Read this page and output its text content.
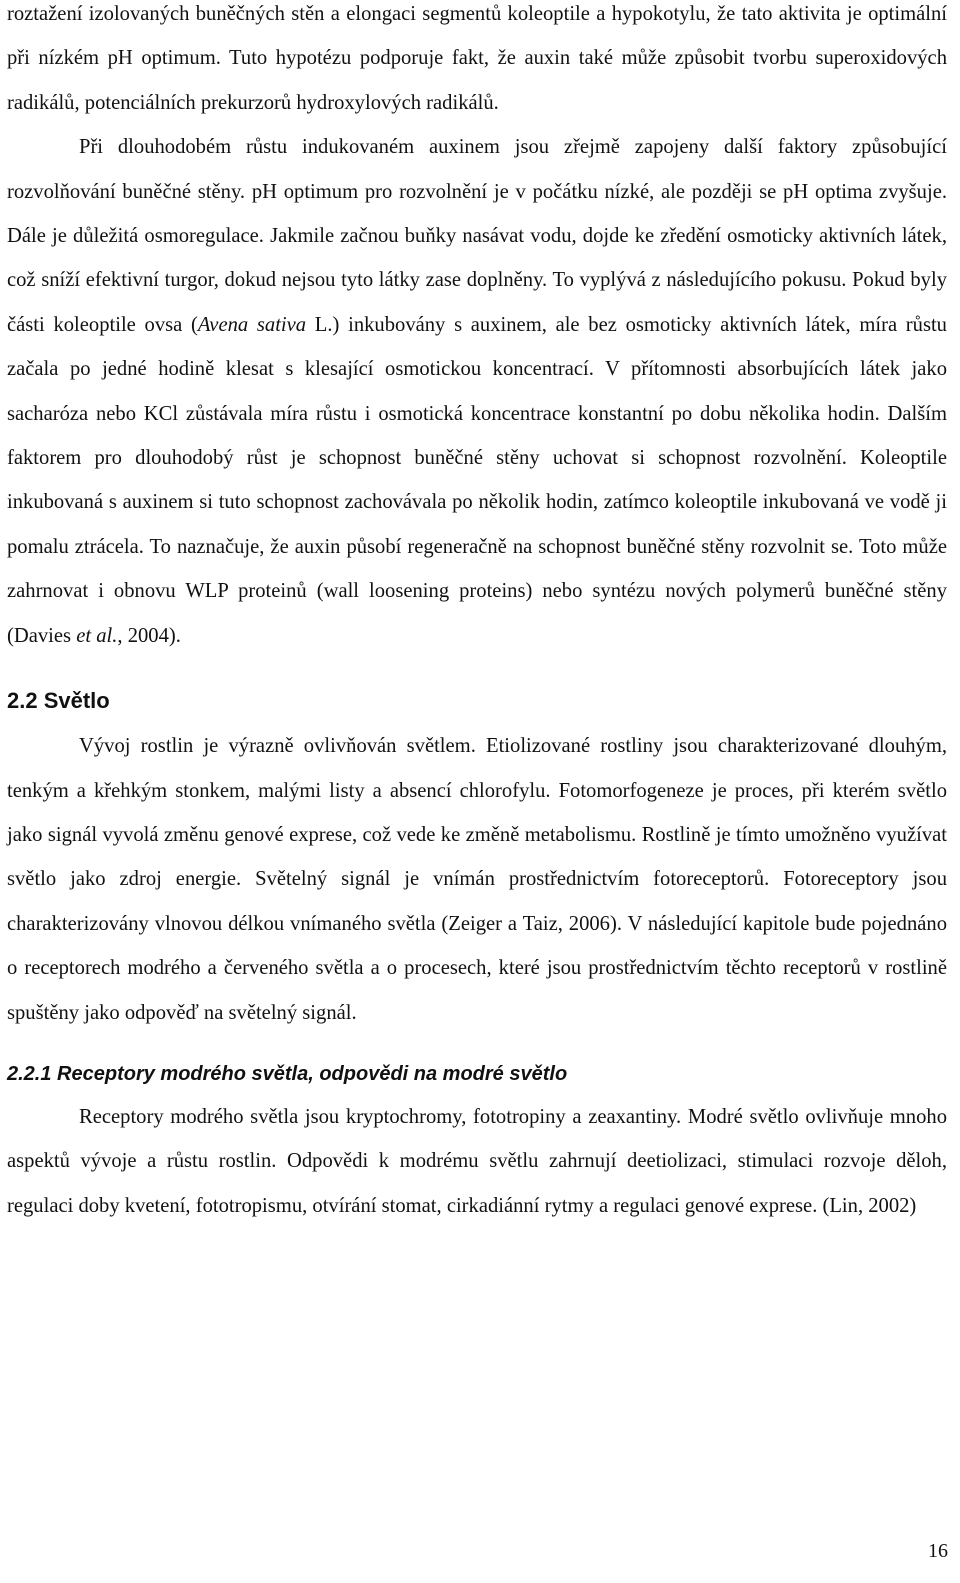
roztažení izolovaných buněčných stěn a elongaci segmentů koleoptile a hypokotylu, že tato aktivita je optimální při nízkém pH optimum. Tuto hypotézu podporuje fakt, že auxin také může způsobit tvorbu superoxidových radikálů, potenciálních prekurzorů hydroxylových radikálů.

Při dlouhodobém růstu indukovaném auxinem jsou zřejmě zapojeny další faktory způsobující rozvolňování buněčné stěny. pH optimum pro rozvolnění je v počátku nízké, ale později se pH optima zvyšuje. Dále je důležitá osmoregulace. Jakmile začnou buňky nasávat vodu, dojde ke zředění osmoticky aktivních látek, což sníží efektivní turgor, dokud nejsou tyto látky zase doplněny. To vyplývá z následujícího pokusu. Pokud byly části koleoptile ovsa (Avena sativa L.) inkubovány s auxinem, ale bez osmoticky aktivních látek, míra růstu začala po jedné hodině klesat s klesající osmotickou koncentrací. V přítomnosti absorbujících látek jako sacharóza nebo KCl zůstávala míra růstu i osmotická koncentrace konstantní po dobu několika hodin. Dalším faktorem pro dlouhodobý růst je schopnost buněčné stěny uchovat si schopnost rozvolnění. Koleoptile inkubovaná s auxinem si tuto schopnost zachovávala po několik hodin, zatímco koleoptile inkubovaná ve vodě ji pomalu ztrácela. To naznačuje, že auxin působí regeneračně na schopnost buněčné stěny rozvolnit se. Toto může zahrnovat i obnovu WLP proteinů (wall loosening proteins) nebo syntézu nových polymerů buněčné stěny (Davies et al., 2004).

2.2 Světlo

Vývoj rostlin je výrazně ovlivňován světlem. Etiolizované rostliny jsou charakterizované dlouhým, tenkým a křehkým stonkem, malými listy a absencí chlorofylu. Fotomorfogeneze je proces, při kterém světlo jako signál vyvolá změnu genové exprese, což vede ke změně metabolismu. Rostlině je tímto umožněno využívat světlo jako zdroj energie. Světelný signál je vnímán prostřednictvím fotoreceptorů. Fotoreceptory jsou charakterizovány vlnovou délkou vnímaného světla (Zeiger a Taiz, 2006). V následující kapitole bude pojednáno o receptorech modrého a červeného světla a o procesech, které jsou prostřednictvím těchto receptorů v rostlině spuštěny jako odpověď na světelný signál.

2.2.1 Receptory modrého světla, odpovědi na modré světlo

Receptory modrého světla jsou kryptochromy, fototropiny a zeaxantiny. Modré světlo ovlivňuje mnoho aspektů vývoje a růstu rostlin. Odpovědi k modrému světlu zahrnují deetiolizaci, stimulaci rozvoje děloh, regulaci doby kvetení, fototropismu, otvírání stomat, cirkadiánní rytmy a regulaci genové exprese. (Lin, 2002)

16
